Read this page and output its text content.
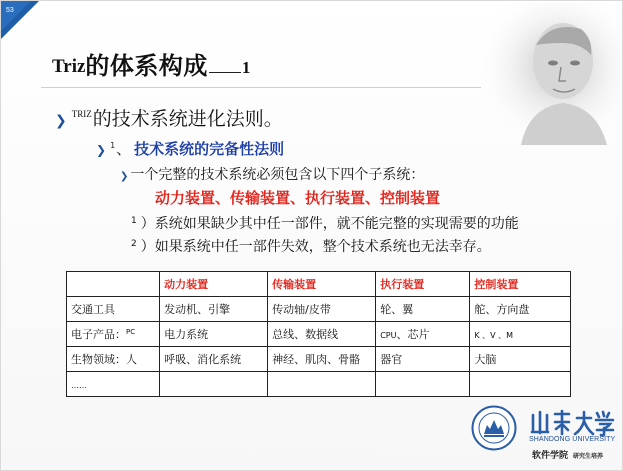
53
Triz 的体系构成 1
❯ TRIZ 的技术系统进化法则。
❯ 1 、 技术系统的完备性法则
❯ 一个完整的技术系统必须包含以下四个子系统：
动力装置、传输装置、执行装置、控制装置
$^1$ ）系统如果缺少其中任一部件，就不能完整的实现需要的功能
$^2$ ）如果系统中任一部件失效，整个技术系统也无法幸存。
	动力装置	传输装置	执行装置	控制装置
交通工具	发动机、引擎	传动轴/皮带	轮、翼	舵、方向盘
电子产品：$^{PC}$	电力系统	总线、数据线	CPU、芯片	K 、V 、M
生物领域：人	呼吸、消化系统	神经、肌肉、骨骼	器官	大脑
……				
SHANDONG UNIVERSITY
软件学院 研究生培养
